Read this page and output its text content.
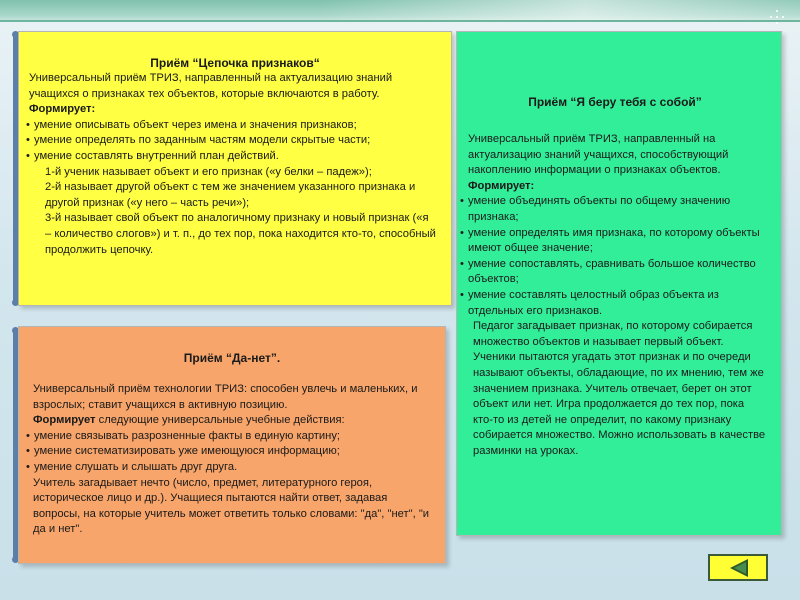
Приём “Цепочка признаков“

Универсальный приём ТРИЗ, направленный на актуализацию знаний учащихся о признаках тех объектов, которые включаются в работу.

Формирует:

• умение описывать объект через имена и значения признаков;
• умение определять по заданным частям модели скрытые части;
• умение составлять внутренний план действий.

1-й ученик называет объект и его признак («у белки – падеж»);

2-й называет другой объект с тем же значением указанного признака и другой признак («у него – часть речи»);

3-й называет свой объект по аналогичному признаку и новый признак («я – количество слогов») и т. п., до тех пор, пока находится кто-то, способный продолжить цепочку.

Приём “Да-нет”.

Универсальный приём технологии ТРИЗ: способен увлечь и маленьких, и взрослых; ставит учащихся в активную позицию.

Формирует следующие универсальные учебные действия:

• умение связывать разрозненные факты в единую картину;
• умение систематизировать уже имеющуюся информацию;
• умение слушать и слышать друг друга.

Учитель загадывает нечто (число, предмет, литературного героя, историческое лицо и др.). Учащиеся пытаются найти ответ, задавая вопросы, на которые учитель может ответить только словами: "да", "нет", "и да и нет".

Приём “Я беру тебя с собой”

Универсальный приём ТРИЗ, направленный на актуализацию знаний учащихся, способствующий накоплению информации о признаках объектов.

Формирует:

• умение объединять объекты по общему значению признака;
• умение определять имя признака, по которому объекты имеют общее значение;
• умение сопоставлять, сравнивать большое количество объектов;
• умение составлять целостный образ объекта из отдельных его признаков.

Педагог загадывает признак, по которому собирается множество объектов и называет первый объект. Ученики пытаются угадать этот признак и по очереди называют объекты, обладающие, по их мнению, тем же значением признака. Учитель отвечает, берет он этот объект или нет. Игра продолжается до тех пор, пока кто-то из детей не определит, по какому признаку собирается множество. Можно использовать в качестве разминки на уроках.
